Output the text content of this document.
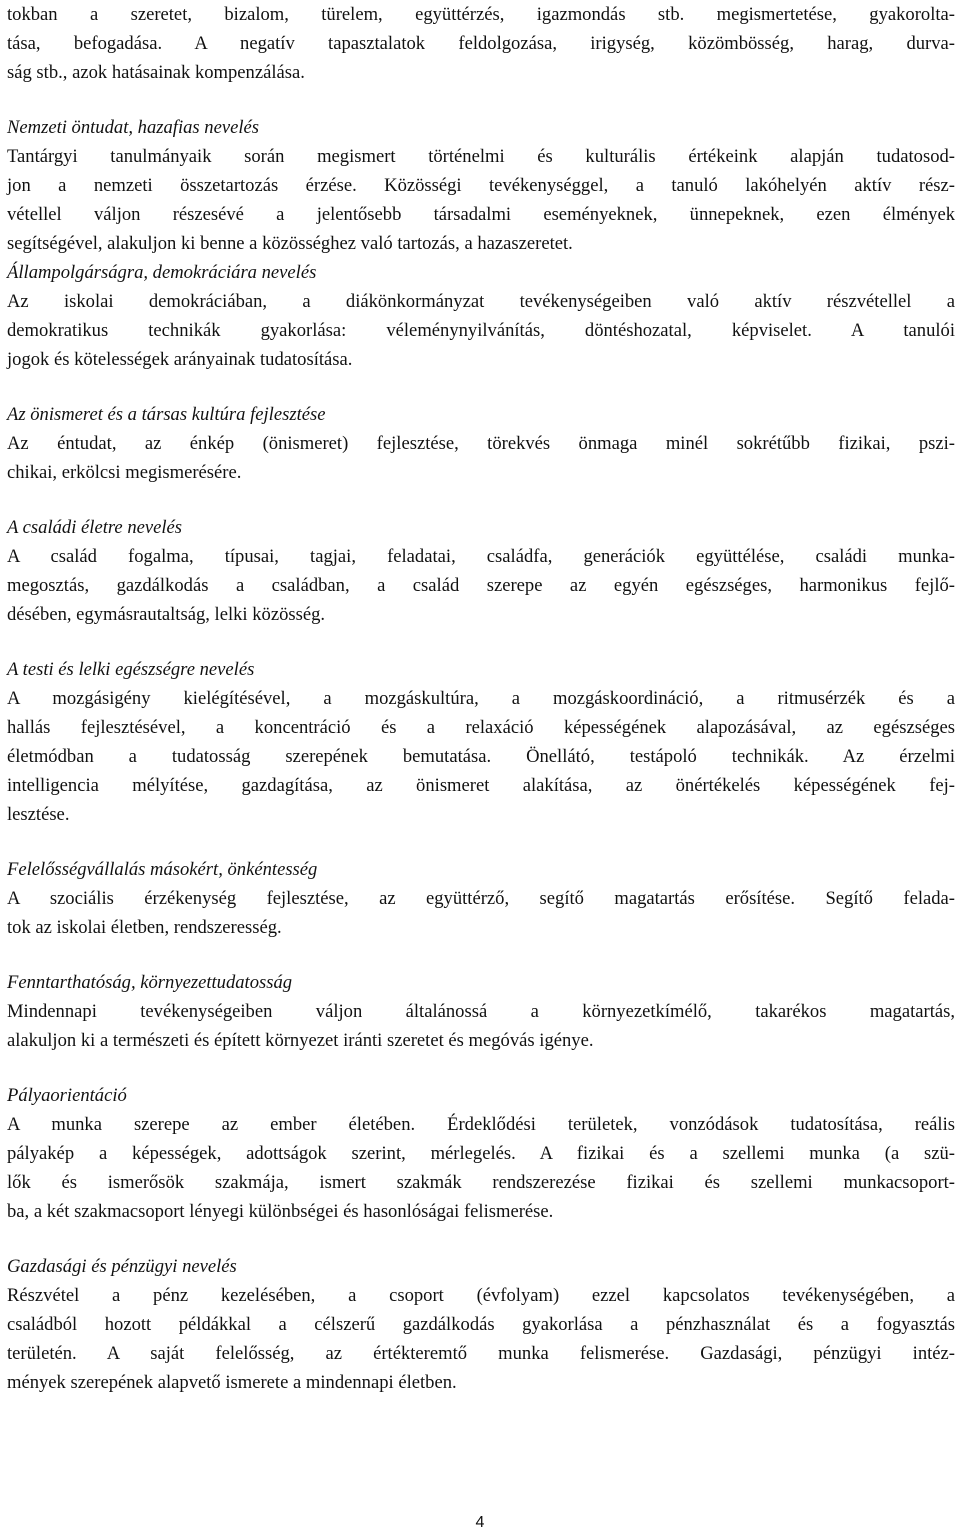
tokban a szeretet, bizalom, türelem, együttérzés, igazmondás stb. megismertetése, gyakorolta-
tása, befogadása. A negatív tapasztalatok feldolgozása, irigység, közömbösség, harag, durva-
ság stb., azok hatásainak kompenzálása.
Nemzeti öntudat, hazafias nevelés
Tantárgyi tanulmányaik során megismert történelmi és kulturális értékeink alapján tudatosod-
jon a nemzeti összetartozás érzése. Közösségi tevékenységgel, a tanuló lakóhelyén aktív rész-
vétellel váljon részesévé a jelentősebb társadalmi eseményeknek, ünnepeknek, ezen élmények
segítségével, alakuljon ki benne a közösséghez való tartozás, a hazaszeretet.
Állampolgárságra, demokráciára nevelés
Az iskolai demokráciában, a diákönkormányzat tevékenységeiben való aktív részvétellel a
demokratikus technikák gyakorlása: véleménynyilvánítás, döntéshozatal, képviselet. A tanulói
jogok és kötelességek arányainak tudatosítása.
Az önismeret és a társas kultúra fejlesztése
Az éntudat, az énkép (önismeret) fejlesztése, törekvés önmaga minél sokrétűbb fizikai, pszi-
chikai, erkölcsi megismerésére.
A családi életre nevelés
A család fogalma, típusai, tagjai, feladatai, családfa, generációk együttélése, családi munka-
megosztás, gazdálkodás a családban, a család szerepe az egyén egészséges, harmonikus fejlő-
désében, egymásrautaltság, lelki közösség.
A testi és lelki egészségre nevelés
A mozgásigény kielégítésével, a mozgáskultúra, a mozgáskoordináció, a ritmusérzék és a
hallás fejlesztésével, a koncentráció és a relaxáció képességének alapozásával, az egészséges
életmódban a tudatosság szerepének bemutatása. Önellátó, testápoló technikák. Az érzelmi
intelligencia mélyítése, gazdagítása, az önismeret alakítása, az önértékelés képességének fej-
lesztése.
Felelősségvállalás másokért, önkéntesség
A szociális érzékenység fejlesztése, az együttérző, segítő magatartás erősítése. Segítő felada-
tok az iskolai életben, rendszeresség.
Fenntarthatóság, környezettudatosság
Mindennapi tevékenységeiben váljon általánossá a környezetkímélő, takarékos magatartás,
alakuljon ki a természeti és épített környezet iránti szeretet és megóvás igénye.
Pályaorientáció
A munka szerepe az ember életében. Érdeklődési területek, vonzódások tudatosítása, reális
pályakép a képességek, adottságok szerint, mérlegelés. A fizikai és a szellemi munka (a szü-
lők és ismerősök szakmája, ismert szakmák rendszerezése fizikai és szellemi munkacsoport-
ba, a két szakmacsoport lényegi különbségei és hasonlóságai felismerése.
Gazdasági és pénzügyi nevelés
Részvétel a pénz kezelésében, a csoport (évfolyam) ezzel kapcsolatos tevékenységében, a
családból hozott példákkal a célszerű gazdálkodás gyakorlása a pénzhasználat és a fogyasztás
területén. A saját felelősség, az értékteremtő munka felismerése. Gazdasági, pénzügyi intéz-
mények szerepének alapvető ismerete a mindennapi életben.
4
